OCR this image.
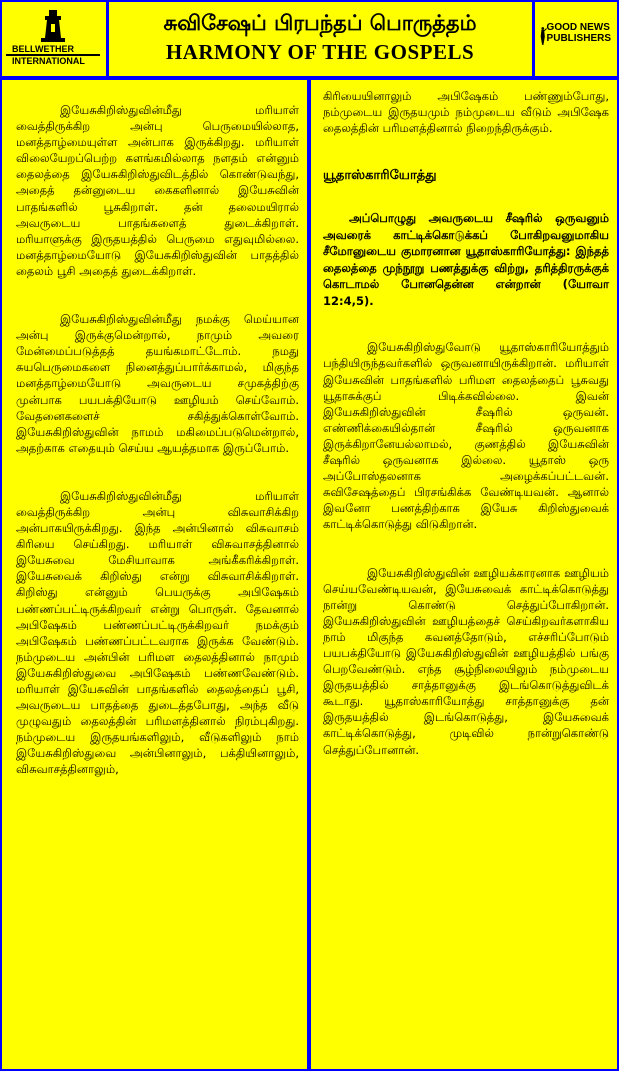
BELLWETHER
INTERNATIONAL
சுவிசேஷப் பிரபந்தப் பொருத்தம்
HARMONY OF THE GOSPELS
GOOD NEWS
PUBLISHERS

இயேசுகிறிஸ்துவின்மீது மரியாள் வைத்திருக்கிற அன்பு பெருமையில்லாத, மனத்தாழ்மையுள்ள அன்பாக இருக்கிறது. மரியாள் விலையேறப்பெற்ற களங்கமில்லாத நளதம் என்னும் தைலத்தை இயேசுகிறிஸ்துவிடத்தில் கொண்டுவந்து, அதைத் தன்னுடைய கைகளினால் இயேசுவின் பாதங்களில் பூசுகிறாள். தன் தலைமயிரால் அவருடைய பாதங்களைத் துடைக்கிறாள். மரியாளுக்கு இருதயத்தில் பெருமை எதுவுமில்லை. மனத்தாழ்மையோடு இயேசுகிறிஸ்துவின் பாதத்தில் தைலம் பூசி அதைத் துடைக்கிறாள்.

இயேசுகிறிஸ்துவின்மீது நமக்கு மெய்யான அன்பு இருக்குமென்றால், நாமும் அவரை மேன்மைப்படுத்தத் தயங்கமாட்டோம். நமது சுயபெருமைகளை நினைத்துப்பார்க்காமல், மிகுந்த மனத்தாழ்மையோடு அவருடைய சமுகத்திற்கு முன்பாக பயபக்தியோடு ஊழியம் செய்வோம். வேதனைகளைச் சகித்துக்கொள்வோம். இயேசுகிறிஸ்துவின் நாமம் மகிமைப்படுமென்றால், அதற்காக எதையும் செய்ய ஆயத்தமாக இருப்போம்.

இயேசுகிறிஸ்துவின்மீது மரியாள் வைத்திருக்கிற அன்பு விசுவாசிக்கிற அன்பாகயிருக்கிறது. இந்த அன்பினால் விசுவாசம் கிரியை செய்கிறது. மரியாள் விசுவாசத்தினால் இயேசுவை மேசியாவாக அங்கீகரிக்கிறாள். இயேசுவைக் கிறிஸ்து என்று விசுவாசிக்கிறாள். கிறிஸ்து என்னும் பெயருக்கு அபிஷேகம் பண்ணப்பட்டிருக்கிறவர் என்று பொருள். தேவனால் அபிஷேகம் பண்ணப்பட்டிருக்கிறவர் நமக்கும் அபிஷேகம் பண்ணப்பட்டவராக இருக்க வேண்டும். நம்முடைய அன்பின் பரிமள தைலத்தினால் நாமும் இயேசுகிறிஸ்துவை அபிஷேகம் பண்ணவேண்டும். மரியாள் இயேசுவின் பாதங்களில் தைலத்தைப் பூசி, அவருடைய பாதத்தை துடைத்தபோது, அந்த வீடு முழுவதும் தைலத்தின் பரிமளத்தினால் நிரம்புகிறது. நம்முடைய இருதயங்களிலும், வீடுகளிலும் நாம் இயேசுகிறிஸ்துவை அன்பினாலும், பக்தியினாலும், விசுவாசத்தினாலும்,

கிரியையினாலும் அபிஷேகம் பண்ணும்போது, நம்முடைய இருதயமும் நம்முடைய வீடும் அபிஷேக தைலத்தின் பரிமளத்தினால் நிறைந்திருக்கும்.

யூதாஸ்காரியோத்து

அப்பொழுது அவருடைய சீஷரில் ஒருவனும் அவரைக் காட்டிக்கொடுக்கப் போகிறவனுமாகிய சீமோனுடைய குமாரனான யூதாஸ்காரியோத்து: இந்தத் தைலத்தை முந்நூறு பணத்துக்கு விற்று, தரித்திரருக்குக் கொடாமல் போனதென்ன என்றான் (யோவா 12:4,5).

இயேசுகிறிஸ்துவோடு யூதாஸ்காரியோத்தும் பந்தியிருந்தவர்களில் ஒருவனாயிருக்கிறான். மரியாள் இயேசுவின் பாதங்களில் பரிமள தைலத்தைப் பூசுவது யூதாசுக்குப் பிடிக்கவில்லை. இவன் இயேசுகிறிஸ்துவின் சீஷரில் ஒருவன். எண்ணிக்கையில்தான் சீஷரில் ஒருவனாக இருக்கிறானேயல்லாமல், குணத்தில் இயேசுவின் சீஷரில் ஒருவனாக இல்லை. யூதாஸ் ஒரு அப்போஸ்தலனாக அழைக்கப்பட்டவன். சுவிசேஷத்தைப் பிரசங்கிக்க வேண்டியவன். ஆனால் இவனோ பணத்திற்காக இயேசு கிறிஸ்துவைக் காட்டிக்கொடுத்து விடுகிறான்.

இயேசுகிறிஸ்துவின் ஊழியக்காரனாக ஊழியம் செய்யவேண்டியவன், இயேசுவைக் காட்டிக்கொடுத்து நான்று கொண்டு செத்துப்போகிறான். இயேசுகிறிஸ்துவின் ஊழியத்தைச் செய்கிறவர்களாகிய நாம் மிகுந்த கவனத்தோடும், எச்சரிப்போடும் பயபக்தியோடு இயேசுகிறிஸ்துவின் ஊழியத்தில் பங்கு பெறவேண்டும். எந்த சூழ்நிலையிலும் நம்முடைய இருதயத்தில் சாத்தானுக்கு இடங்கொடுத்துவிடக் கூடாது. யூதாஸ்காரியோத்து சாத்தானுக்கு தன் இருதயத்தில் இடங்கொடுத்து, இயேசுவைக் காட்டிக்கொடுத்து, முடிவில் நான்றுகொண்டு செத்துப்போனான்.
